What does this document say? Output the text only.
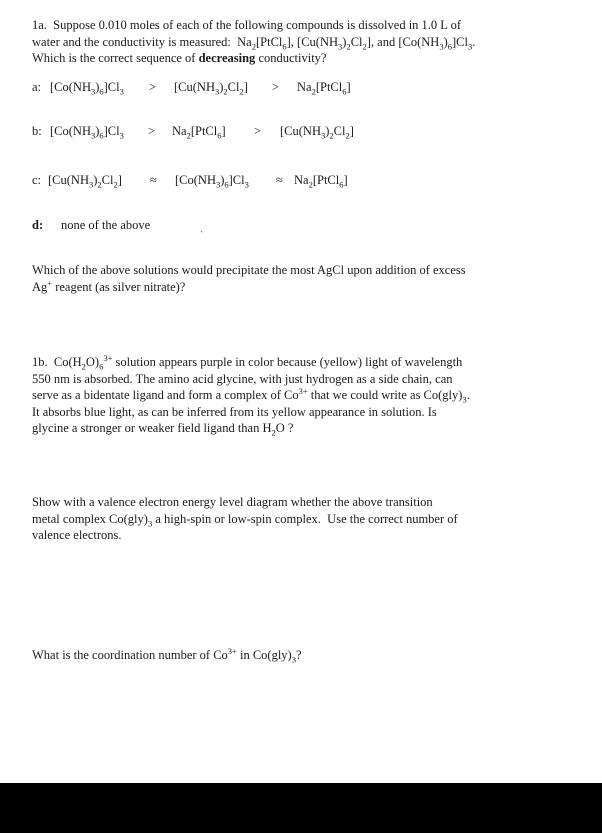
1a.  Suppose 0.010 moles of each of the following compounds is dissolved in 1.0 L of
water and the conductivity is measured:  $Na_2[PtCl_6]$, $[Cu(NH_3)_2Cl_2]$, and $[Co(NH_3)_6]Cl_3$.
Which is the correct sequence of decreasing conductivity?
a: $[Co(NH_3)_6]Cl_3 > [Cu(NH_3)_2Cl_2]$ > $Na_2[PtCl_6]$
b: $[Co(NH_3)_6]Cl_3$ > $Na_2[PtCl_6] > [Cu(NH_3)_2Cl_2]$
c: $[Cu(NH_3)_2Cl_2] \approx [Co(NH_3)_6]Cl_3$ ≈ $Na_2[PtCl_6]$
d: none of the above	ˎ
Which of the above solutions would precipitate the most AgCl upon addition of excess
Ag+ reagent (as silver nitrate)?
1b.  $Co(H_2O)_6^{3+}$ solution appears purple in color because (yellow) light of wavelength
550 nm is absorbed. The amino acid glycine, with just hydrogen as a side chain, can
serve as a bidentate ligand and form a complex of $Co^{3+}$ that we could write as $Co(gly)_3$.
It absorbs blue light, as can be inferred from its yellow appearance in solution. Is
glycine a stronger or weaker field ligand than $H_2O$ ?
Show with a valence electron energy level diagram whether the above transition
metal complex $Co(gly)_3$ a high-spin or low-spin complex.  Use the correct number of
valence electrons.
What is the coordination number of $Co^{3+}$ in $Co(gly)_3$?
